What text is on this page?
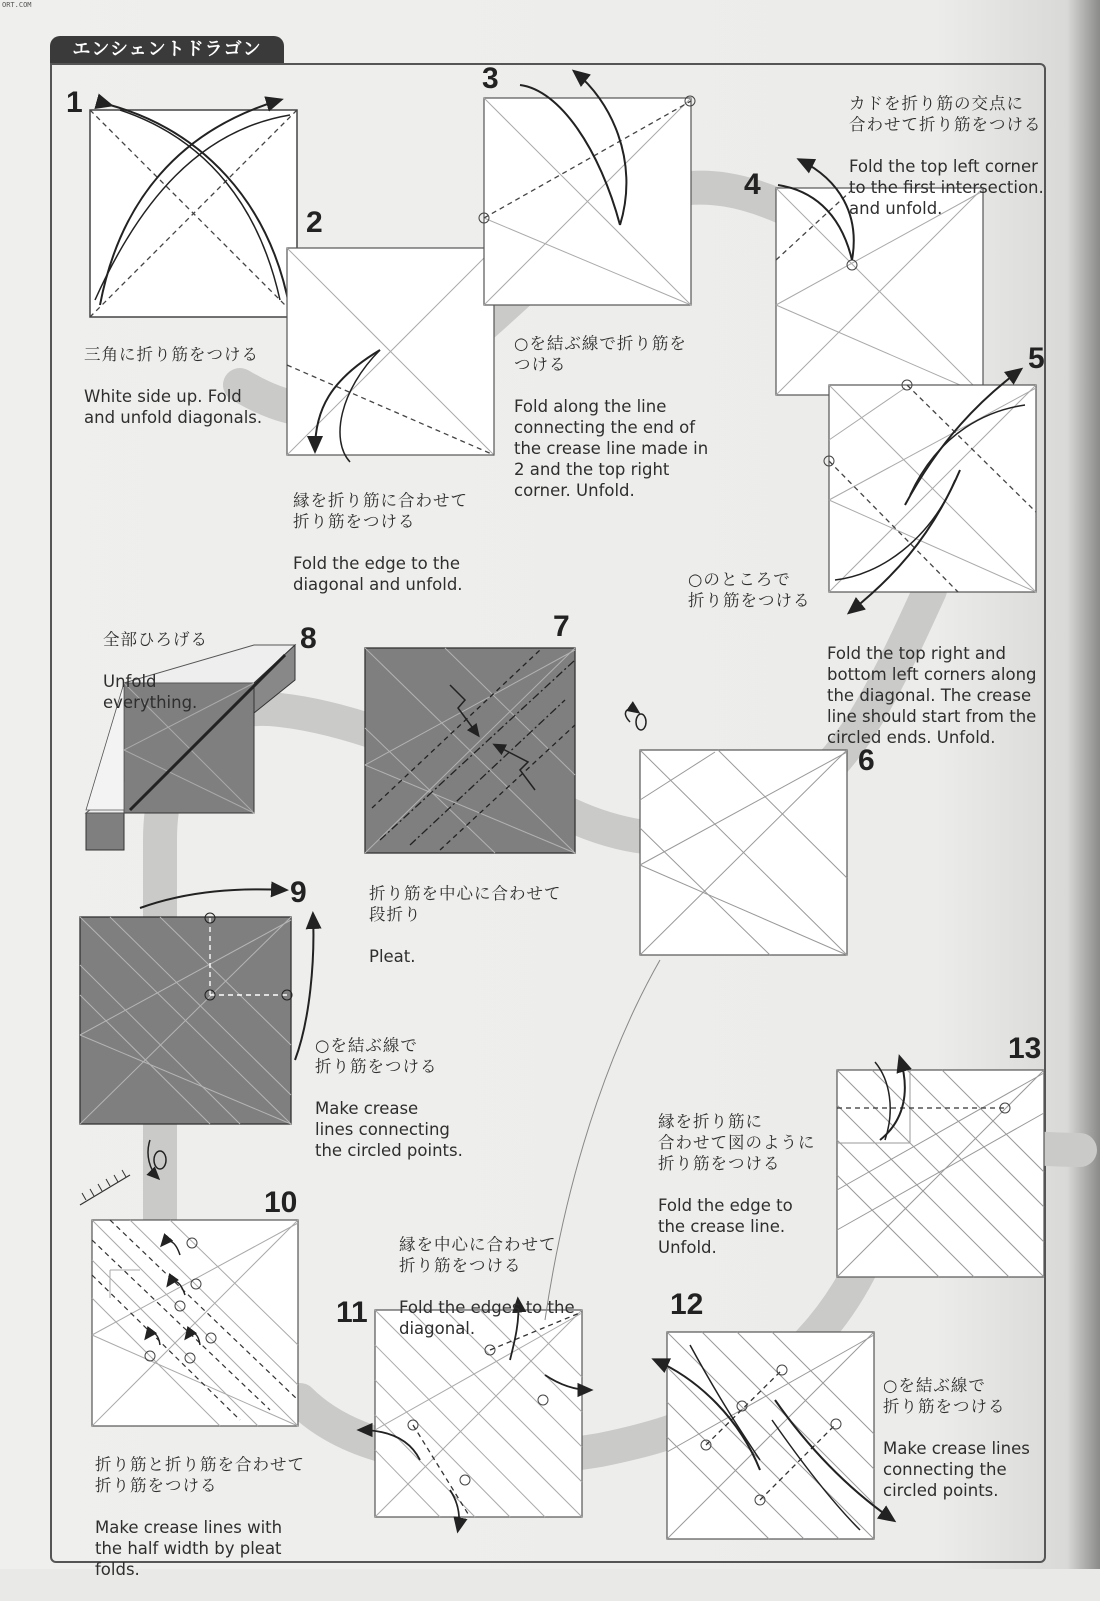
ORT.COM
エンシェントドラゴン
1
2
3
4
5
6
7
8
9
10
11	12
13

三角に折り筋をつける

White side up. Fold
and unfold diagonals.

縁を折り筋に合わせて
折り筋をつける

Fold the edge to the
diagonal and unfold.

○を結ぶ線で折り筋を
つける

Fold along the line
connecting the end of
the crease line made in
2 and the top right
corner. Unfold.

カドを折り筋の交点に
合わせて折り筋をつける

Fold the top left corner
to the first intersection.
and unfold.

○のところで
折り筋をつける

Fold the top right and
bottom left corners along
the diagonal. The crease
line should start from the
circled ends. Unfold.

折り筋を中心に合わせて
段折り

Pleat.

全部ひろげる

Unfold
everything.

○を結ぶ線で
折り筋をつける

Make crease
lines connecting
the circled points.

折り筋と折り筋を合わせて
折り筋をつける

Make crease lines with
the half width by pleat
folds.

縁を中心に合わせて
折り筋をつける

Fold the edges to the
diagonal.

○を結ぶ線で
折り筋をつける

Make crease lines
connecting the
circled points.

縁を折り筋に
合わせて図のように
折り筋をつける

Fold the edge to
the crease line.
Unfold.
